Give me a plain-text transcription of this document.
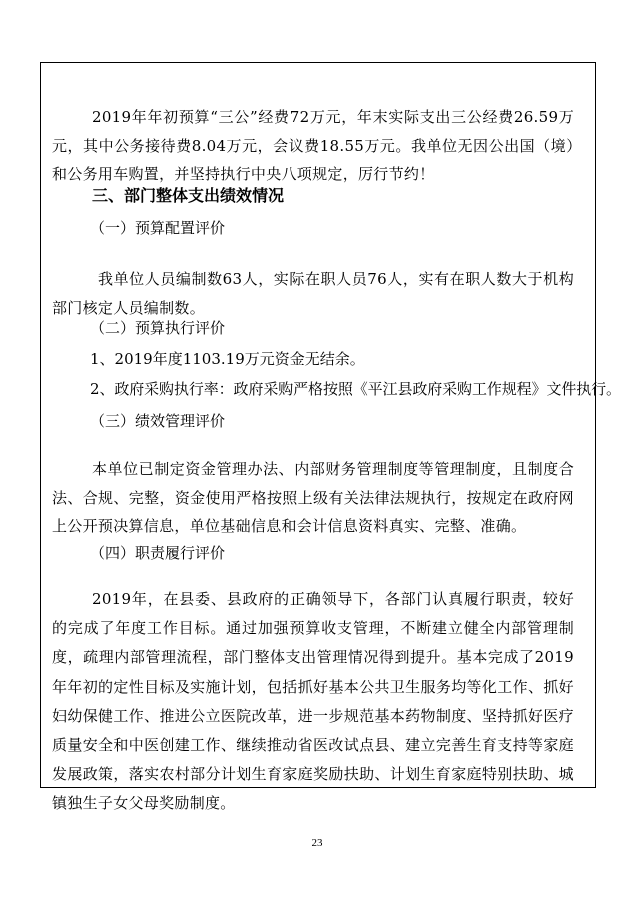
2019年年初预算“三公”经费72万元，年末实际支出三公经费26.59万元，其中公务接待费8.04万元，会议费18.55万元。我单位无因公出国（境）和公务用车购置，并坚持执行中央八项规定，厉行节约！

三、部门整体支出绩效情况
（一）预算配置评价

我单位人员编制数63人，实际在职人员76人，实有在职人数大于机构部门核定人员编制数。

（二）预算执行评价
1、2019年度1103.19万元资金无结余。
2、政府采购执行率：政府采购严格按照《平江县政府采购工作规程》文件执行。
（三）绩效管理评价

本单位已制定资金管理办法、内部财务管理制度等管理制度，且制度合法、合规、完整，资金使用严格按照上级有关法律法规执行，按规定在政府网上公开预决算信息，单位基础信息和会计信息资料真实、完整、准确。

（四）职责履行评价

2019年，在县委、县政府的正确领导下，各部门认真履行职责，较好的完成了年度工作目标。通过加强预算收支管理，不断建立健全内部管理制度，疏理内部管理流程，部门整体支出管理情况得到提升。基本完成了2019年年初的定性目标及实施计划，包括抓好基本公共卫生服务均等化工作、抓好妇幼保健工作、推进公立医院改革，进一步规范基本药物制度、坚持抓好医疗质量安全和中医创建工作、继续推动省医改试点县、建立完善生育支持等家庭发展政策，落实农村部分计划生育家庭奖励扶助、计划生育家庭特别扶助、城镇独生子女父母奖励制度。

23
